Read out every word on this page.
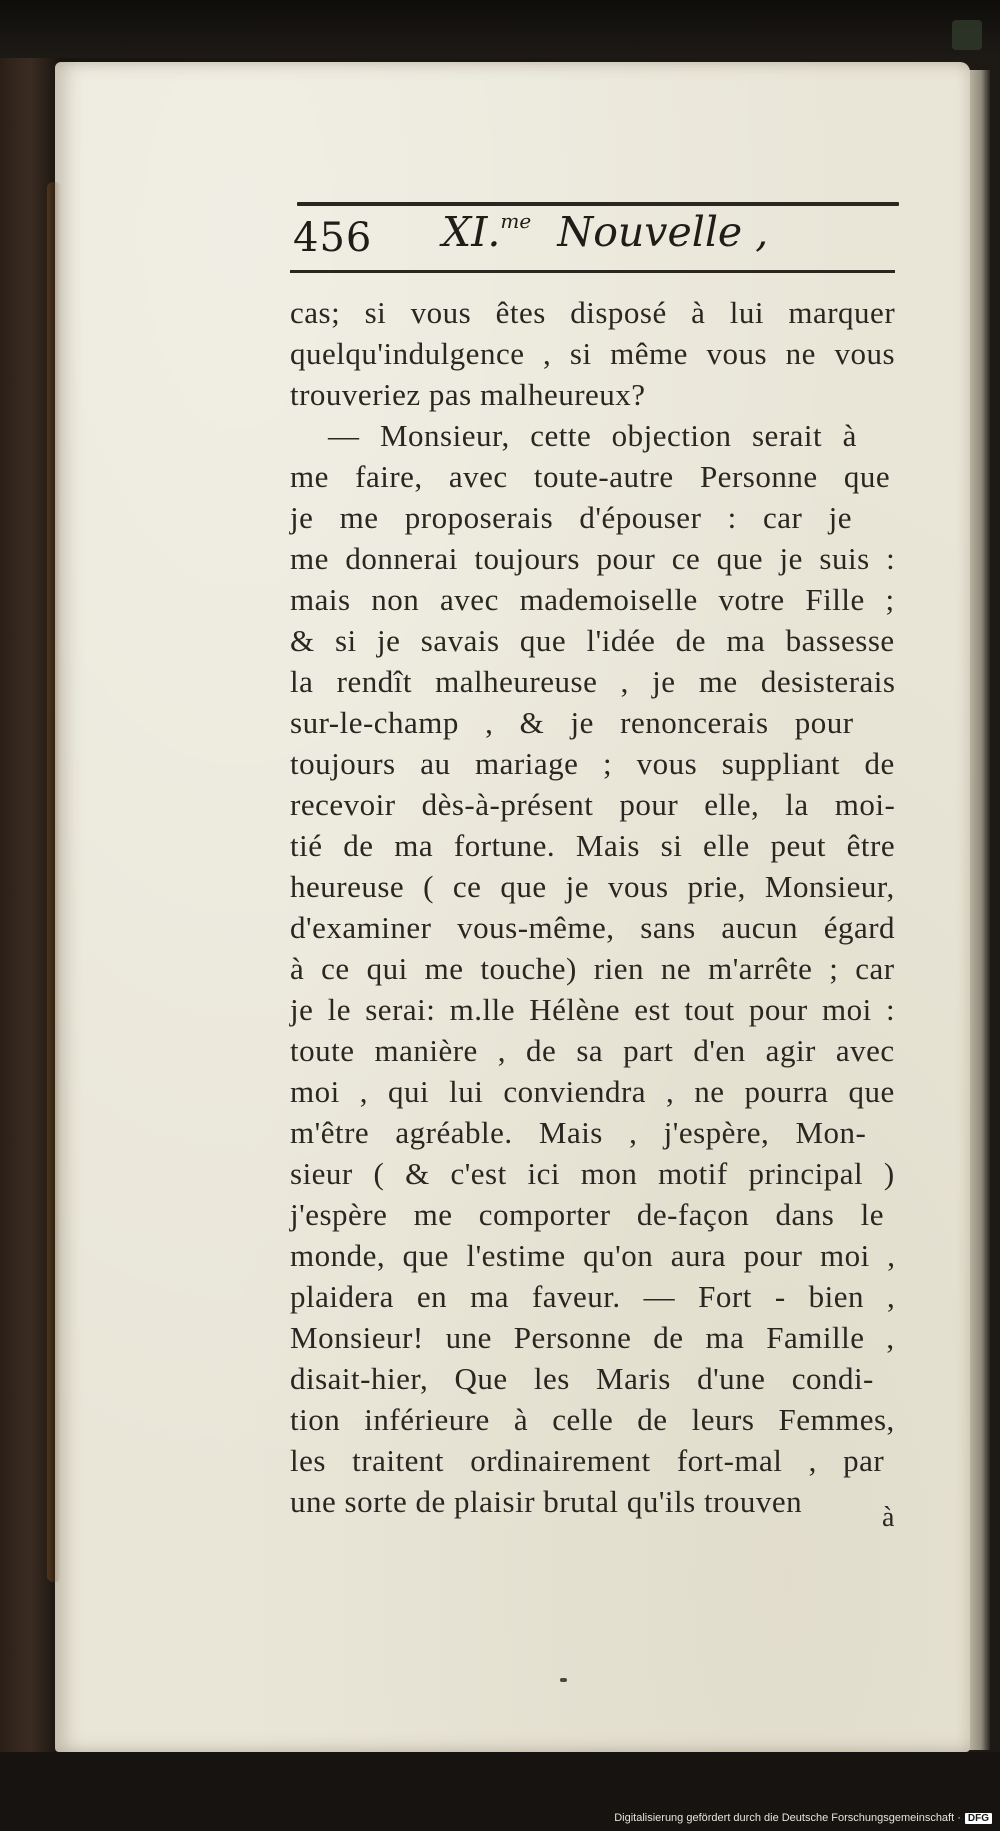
456 XI.$^{me}$ Nouvelle ,
cas; si vous êtes disposé à lui marquer
quelqu'indulgence , si même vous ne vous
trouveriez pas malheureux?
— Monsieur, cette objection serait à
me faire, avec toute-autre Personne que
je me proposerais d'épouser : car je
me donnerai toujours pour ce que je suis :
mais non avec mademoiselle votre Fille ;
& si je savais que l'idée de ma bassesse
la rendît malheureuse , je me desisterais
sur-le-champ , & je renoncerais pour
toujours au mariage ; vous suppliant de
recevoir dès-à-présent pour elle, la moi-
tié de ma fortune. Mais si elle peut être
heureuse ( ce que je vous prie, Monsieur,
d'examiner vous-même, sans aucun égard
à ce qui me touche) rien ne m'arrête ; car
je le serai: m.lle Hélène est tout pour moi :
toute manière , de sa part d'en agir avec
moi , qui lui conviendra , ne pourra que
m'être agréable. Mais , j'espère, Mon-
sieur ( & c'est ici mon motif principal )
j'espère me comporter de-façon dans le
monde, que l'estime qu'on aura pour moi ,
plaidera en ma faveur. — Fort - bien ,
Monsieur! une Personne de ma Famille ,
disait-hier, Que les Maris d'une condi-
tion inférieure à celle de leurs Femmes,
les traitent ordinairement fort-mal , par
une sorte de plaisir brutal qu'ils trouven	à
Digitalisierung gefördert durch die Deutsche Forschungsgemeinschaft · DFG
